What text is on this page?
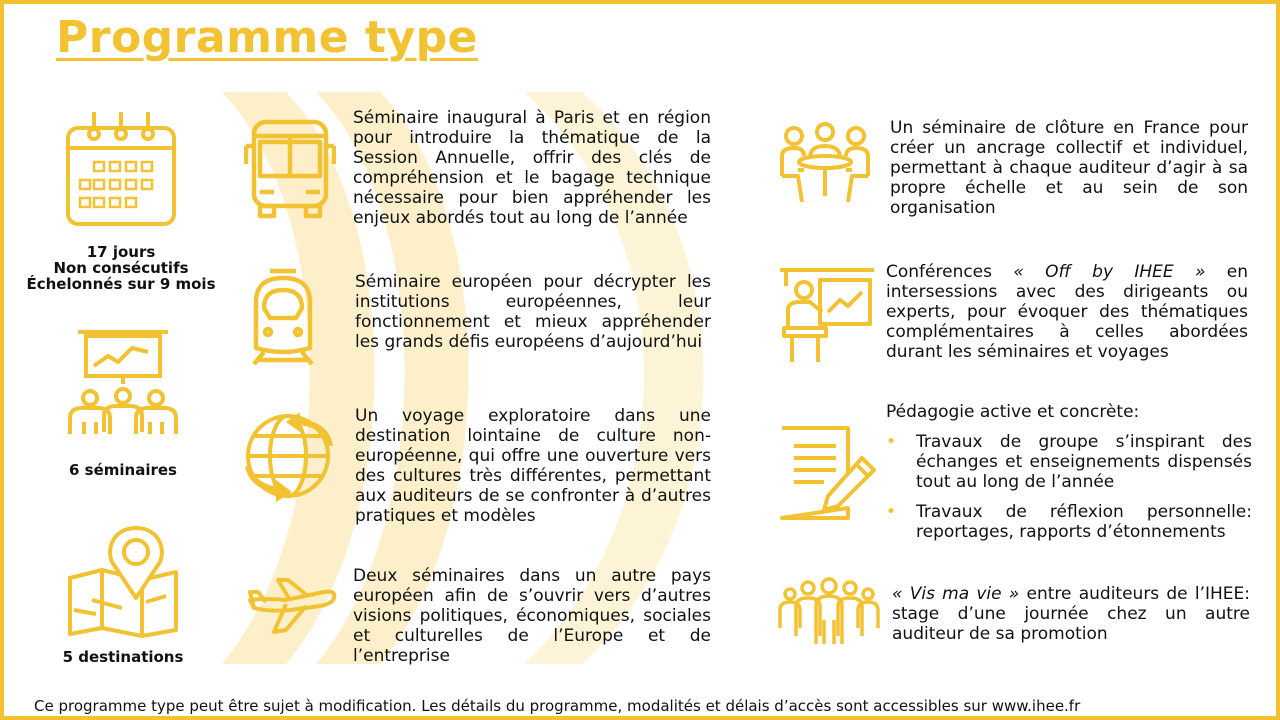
Programme type
17 jours
Non consécutifs
Échelonnés sur 9 mois
6 séminaires
5 destinations
Séminaire inaugural à Paris et en région pour introduire la thématique de la Session Annuelle, offrir des clés de compréhension et le bagage technique nécessaire pour bien appréhender les enjeux abordés tout au long de l’année
Séminaire européen pour décrypter les institutions européennes, leur fonctionnement et mieux appréhender les grands défis européens d’aujourd’hui
Un voyage exploratoire dans une destination lointaine de culture non-européenne, qui offre une ouverture vers des cultures très différentes, permettant aux auditeurs de se confronter à d’autres pratiques et modèles
Deux séminaires dans un autre pays européen afin de s’ouvrir vers d’autres visions politiques, économiques, sociales et culturelles de l’Europe et de l’entreprise
Un séminaire de clôture en France pour créer un ancrage collectif et individuel, permettant à chaque auditeur d’agir à sa propre échelle et au sein de son organisation
Conférences « Off by IHEE » en intersessions avec des dirigeants ou experts, pour évoquer des thématiques complémentaires à celles abordées durant les séminaires et voyages
Pédagogie active et concrète:
• Travaux de groupe s’inspirant des échanges et enseignements dispensés tout au long de l’année
• Travaux de réflexion personnelle: reportages, rapports d’étonnements
« Vis ma vie » entre auditeurs de l’IHEE: stage d’une journée chez un autre auditeur de sa promotion
Ce programme type peut être sujet à modification. Les détails du programme, modalités et délais d’accès sont accessibles sur www.ihee.fr
